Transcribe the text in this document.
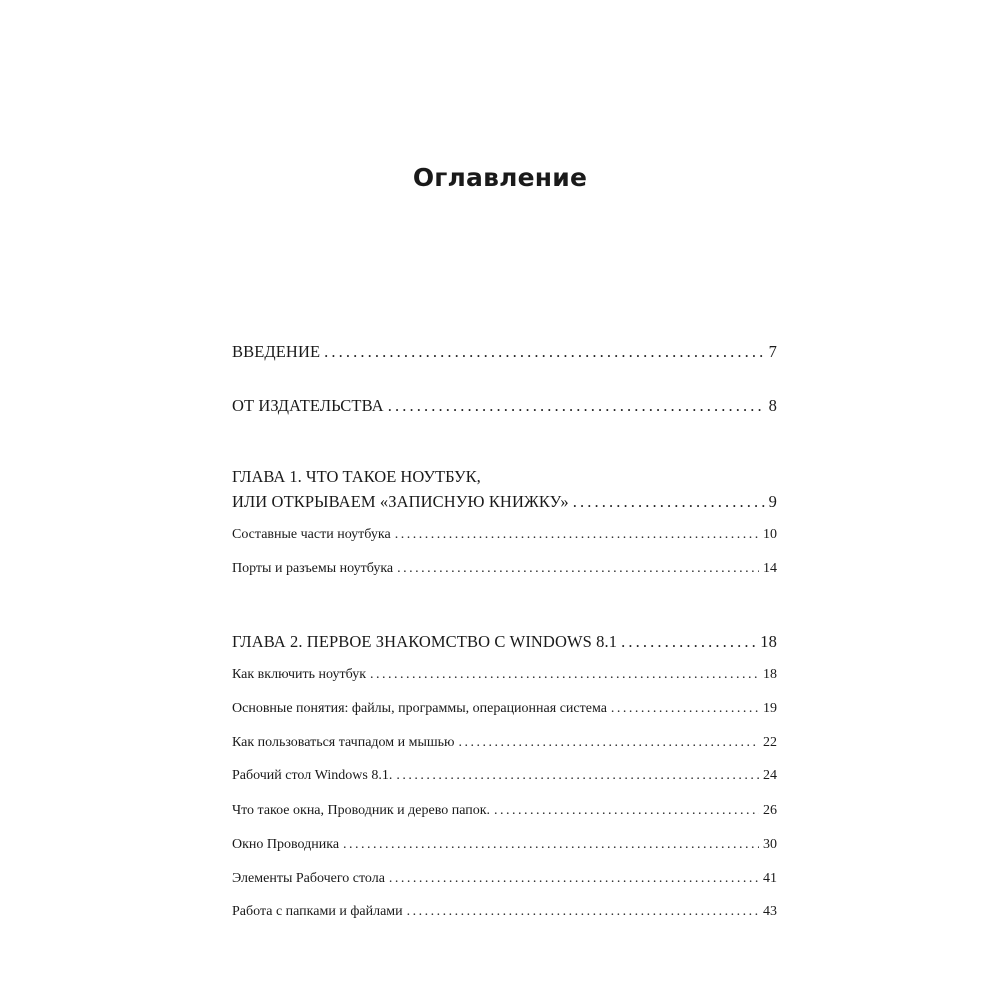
Оглавление
ВВЕДЕНИЕ . . .	7
ОТ ИЗДАТЕЛЬСТВА . . .	8
ГЛАВА 1. ЧТО ТАКОЕ НОУТБУК,
ИЛИ ОТКРЫВАЕМ «ЗАПИСНУЮ КНИЖКУ» . . .	9
Составные части ноутбука . . .	10
Порты и разъемы ноутбука . . .	14
ГЛАВА 2. ПЕРВОЕ ЗНАКОМСТВО С WINDOWS 8.1 . . .	18
Как включить ноутбук . . .	18
Основные понятия: файлы, программы, операционная система . . .	19
Как пользоваться тачпадом и мышью . . .	22
Рабочий стол Windows 8.1. . . .	24
Что такое окна, Проводник и дерево папок. . . .	26
Окно Проводника . . .	30
Элементы Рабочего стола . . .	41
Работа с папками и файлами . . .	43
